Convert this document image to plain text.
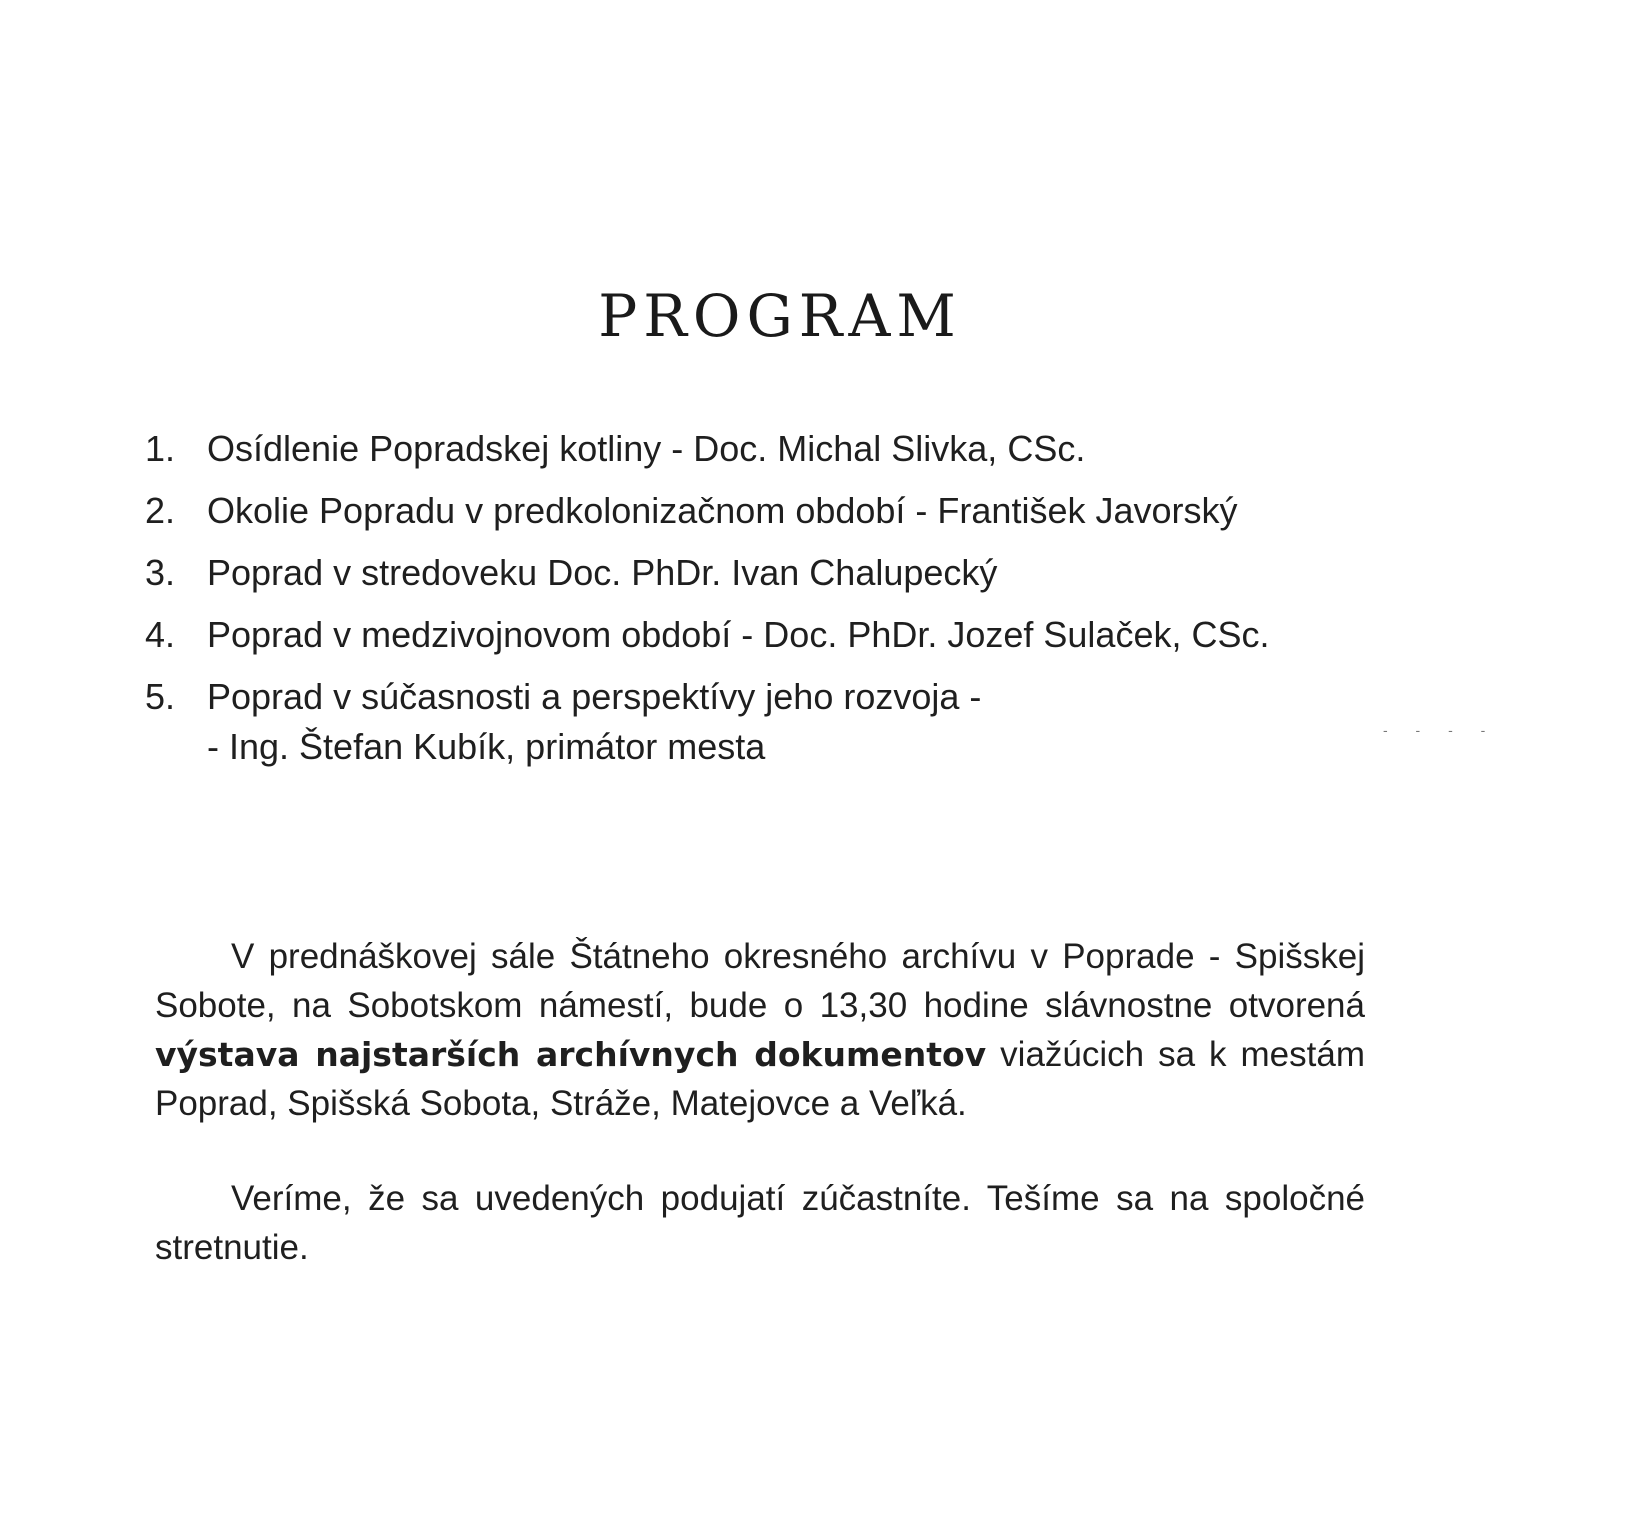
PROGRAM
1. Osídlenie Popradskej kotliny - Doc. Michal Slivka, CSc.
2. Okolie Popradu v predkolonizačnom období - František Javorský
3. Poprad v stredoveku Doc. PhDr. Ivan Chalupecký
4. Poprad v medzivojnovom období - Doc. PhDr. Jozef Sulaček, CSc.
5. Poprad v súčasnosti a perspektívy jeho rozvoja -
- Ing. Štefan Kubík, primátor mesta	- - - -

V prednáškovej sále Štátneho okresného archívu v Poprade - Spišskej Sobote, na Sobotskom námestí, bude o 13,30 hodine slávnostne otvorená výstava najstarších archívnych dokumentov viažúcich sa k mestám Poprad, Spišská Sobota, Stráže, Matejovce a Veľká.

Veríme, že sa uvedených podujatí zúčastníte. Tešíme sa na spoločné stretnutie.
